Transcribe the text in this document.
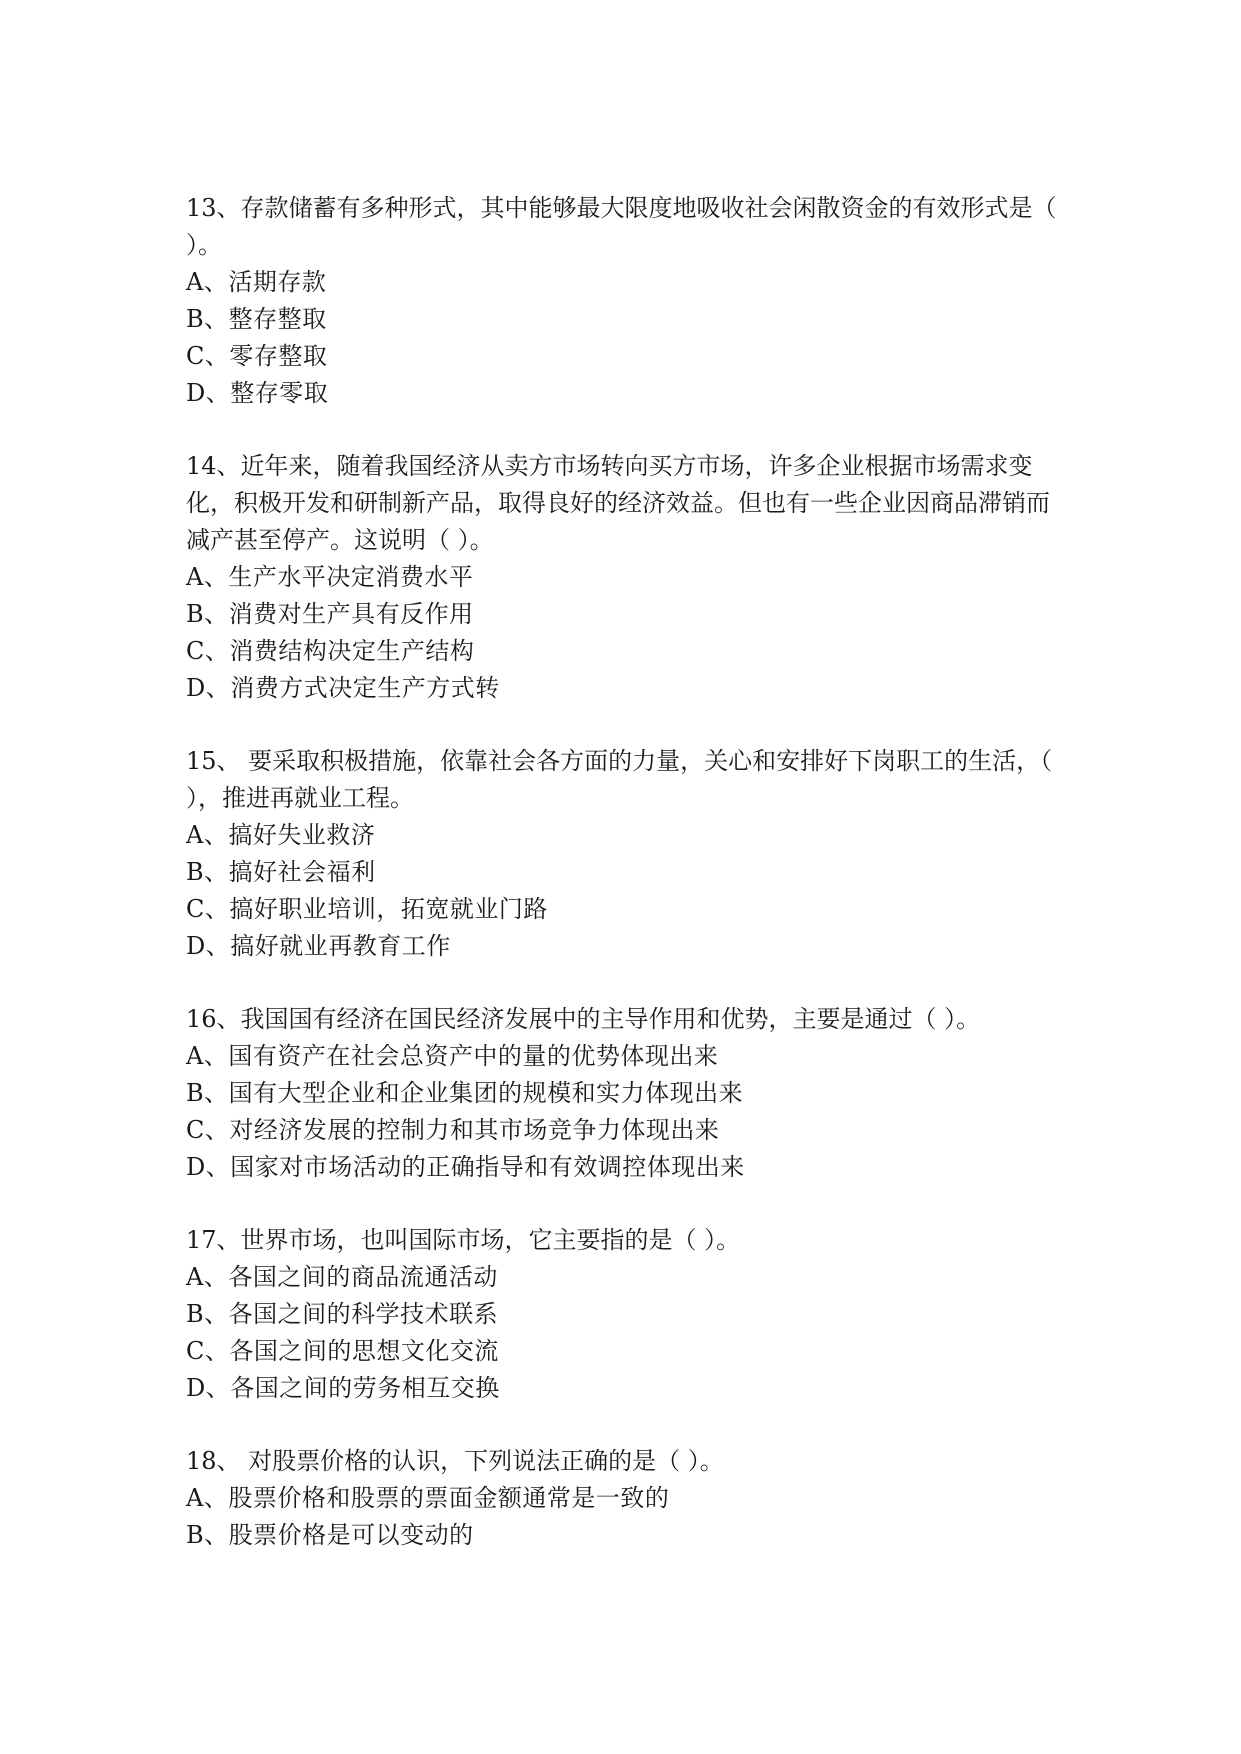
13、存款储蓄有多种形式，其中能够最大限度地吸收社会闲散资金的有效形式是（ ）。

A、活期存款

B、整存整取

C、零存整取

D、整存零取

14、近年来，随着我国经济从卖方市场转向买方市场，许多企业根据市场需求变化，积极开发和研制新产品，取得良好的经济效益。但也有一些企业因商品滞销而减产甚至停产。这说明（ ）。

A、生产水平决定消费水平

B、消费对生产具有反作用

C、消费结构决定生产结构

D、消费方式决定生产方式转

15、 要采取积极措施，依靠社会各方面的力量，关心和安排好下岗职工的生活，（ ），推进再就业工程。

A、搞好失业救济

B、搞好社会福利

C、搞好职业培训，拓宽就业门路

D、搞好就业再教育工作

16、我国国有经济在国民经济发展中的主导作用和优势，主要是通过（ ）。

A、国有资产在社会总资产中的量的优势体现出来

B、国有大型企业和企业集团的规模和实力体现出来

C、对经济发展的控制力和其市场竞争力体现出来

D、国家对市场活动的正确指导和有效调控体现出来

17、世界市场，也叫国际市场，它主要指的是（ ）。

A、各国之间的商品流通活动

B、各国之间的科学技术联系

C、各国之间的思想文化交流

D、各国之间的劳务相互交换

18、 对股票价格的认识，下列说法正确的是（ ）。

A、股票价格和股票的票面金额通常是一致的

B、股票价格是可以变动的
